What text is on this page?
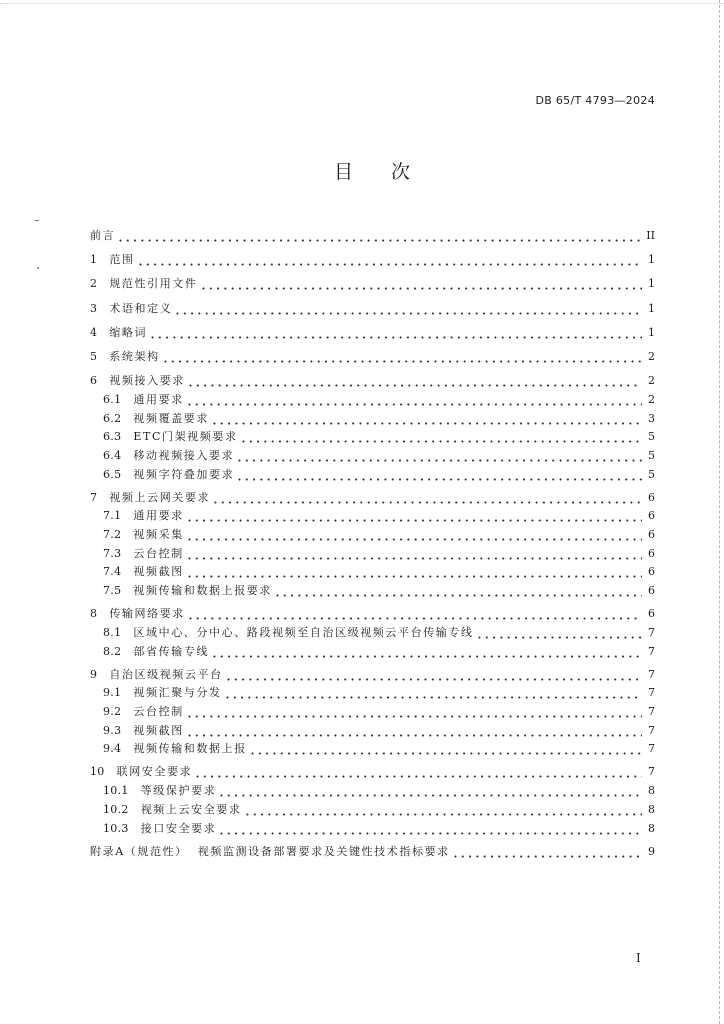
DB 65/T 4793—2024
目次
前言	II
1	范围	1
2	规范性引用文件	1
3	术语和定义	1
4	缩略词	1
5	系统架构	2
6	视频接入要求	2
6.1	通用要求	2
6.2	视频覆盖要求	3
6.3	ETC门架视频要求	5
6.4	移动视频接入要求	5
6.5	视频字符叠加要求	5
7	视频上云网关要求	6
7.1	通用要求	6
7.2	视频采集	6
7.3	云台控制	6
7.4	视频截图	6
7.5	视频传输和数据上报要求	6
8	传输网络要求	6
8.1	区域中心、分中心、路段视频至自治区级视频云平台传输专线	7
8.2	部省传输专线	7
9	自治区级视频云平台	7
9.1	视频汇聚与分发	7
9.2	云台控制	7
9.3	视频截图	7
9.4	视频传输和数据上报	7
10	联网安全要求	7
10.1	等级保护要求	8
10.2	视频上云安全要求	8
10.3	接口安全要求	8
附录A（规范性） 视频监测设备部署要求及关键性技术指标要求	9
I
